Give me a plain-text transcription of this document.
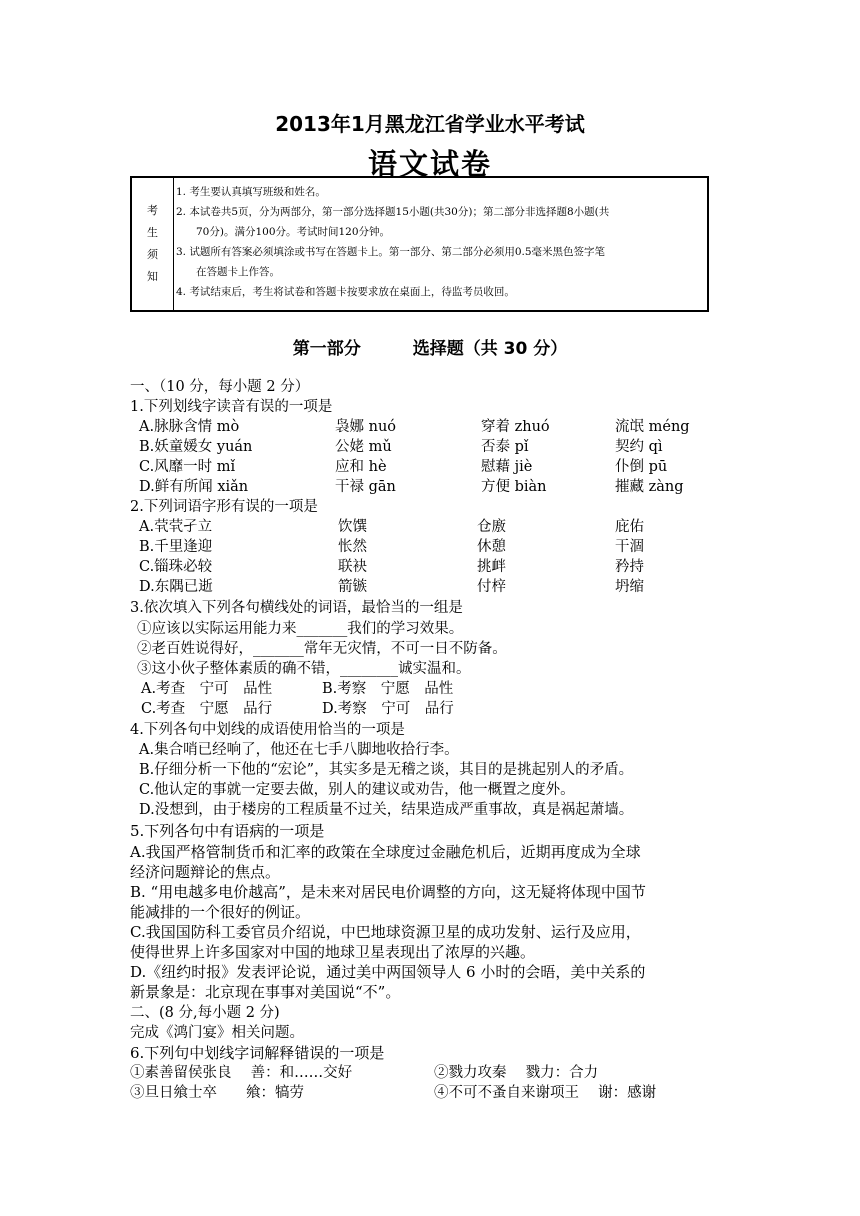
2013年1月黑龙江省学业水平考试
语文试卷
考
生
须
知
1. 考生要认真填写班级和姓名。
2. 本试卷共5页，分为两部分，第一部分选择题15小题(共30分)；第二部分非选择题8小题(共
70分)。满分100分。考试时间120分钟。
3. 试题所有答案必须填涂或书写在答题卡上。第一部分、第二部分必须用0.5毫米黑色签字笔
在答题卡上作答。
4. 考试结束后，考生将试卷和答题卡按要求放在桌面上，待监考员收回。
第一部分	选择题（共 30 分）
一、（10 分，每小题 2 分）
1.下列划线字读音有误的一项是
A.脉脉含情 mò	袅娜 nuó	穿着 zhuó	流氓 méng
B.妖童媛女 yuán	公姥 mǔ	否泰 pǐ	契约 qì
C.风靡一时 mǐ	应和 hè	慰藉 jiè	仆倒 pū
D.鲜有所闻 xiǎn	干禄 gān	方便 biàn	摧藏 zàng
2.下列词语字形有误的一项是
A.茕茕孑立	饮馔	仓廒	庇佑
B.千里逢迎	怅然	休憩	干涸
C.锱珠必较	联袂	挑衅	矜持
D.东隅已逝	箭镞	付梓	坍缩
3.依次填入下列各句横线处的词语，最恰当的一组是
①应该以实际运用能力来_______我们的学习效果。
②老百姓说得好，_______常年无灾情，不可一日不防备。
③这小伙子整体素质的确不错，________诚实温和。
A.考查　宁可　品性	B.考察　宁愿　品性
C.考查　宁愿　品行	D.考察　宁可　品行
4.下列各句中划线的成语使用恰当的一项是
A.集合哨已经响了，他还在七手八脚地收拾行李。
B.仔细分析一下他的“宏论”，其实多是无稽之谈，其目的是挑起别人的矛盾。
C.他认定的事就一定要去做，别人的建议或劝告，他一概置之度外。
D.没想到，由于楼房的工程质量不过关，结果造成严重事故，真是祸起萧墙。
5.下列各句中有语病的一项是
A.我国严格管制货币和汇率的政策在全球度过金融危机后，近期再度成为全球
经济问题辩论的焦点。
B. “用电越多电价越高”，是未来对居民电价调整的方向，这无疑将体现中国节
能减排的一个很好的例证。
C.我国国防科工委官员介绍说，中巴地球资源卫星的成功发射、运行及应用，
使得世界上许多国家对中国的地球卫星表现出了浓厚的兴趣。
D.《纽约时报》发表评论说，通过美中两国领导人 6 小时的会晤，美中关系的
新景象是：北京现在事事对美国说“不”。
二、(8 分,每小题 2 分)
完成《鸿门宴》相关问题。
6.下列句中划线字词解释错误的一项是
①素善留侯张良　 善：和……交好	②戮力攻秦　 戮力：合力
③旦日飨士卒　　飨：犒劳	④不可不蚤自来谢项王　 谢：感谢
